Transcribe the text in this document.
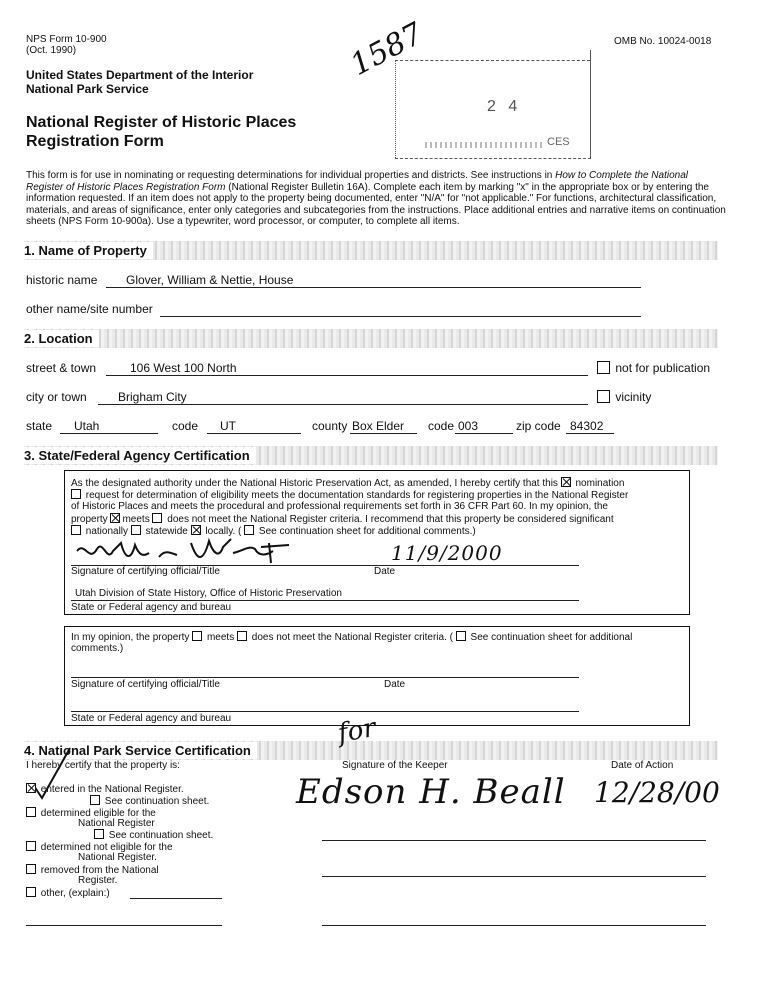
NPS Form 10-900
(Oct. 1990)
OMB No. 10024-0018
United States Department of the Interior
National Park Service
National Register of Historic Places
Registration Form
1587
2 4
CES
This form is for use in nominating or requesting determinations for individual properties and districts. See instructions in How to Complete the National Register of Historic Places Registration Form (National Register Bulletin 16A). Complete each item by marking "x" in the appropriate box or by entering the information requested. If an item does not apply to the property being documented, enter "N/A" for "not applicable." For functions, architectural classification, materials, and areas of significance, enter only categories and subcategories from the instructions. Place additional entries and narrative items on continuation sheets (NPS Form 10-900a). Use a typewriter, word processor, or computer, to complete all items.
1. Name of Property
historic name Glover, William & Nettie, House
other name/site number
2. Location
street & town	106 West 100 North	not for publication
city or town	Brigham City	vicinity
state Utah	code UT	county Box Elder code 003	zip code 84302
3. State/Federal Agency Certification
As the designated authority under the National Historic Preservation Act, as amended, I hereby certify that this nomination
request for determination of eligibility meets the documentation standards for registering properties in the National Register
of Historic Places and meets the procedural and professional requirements set forth in 36 CFR Part 60. In my opinion, the
property meets does not meet the National Register criteria. I recommend that this property be considered significant
nationally statewide locally. ( See continuation sheet for additional comments.)
11/9/2000
Signature of certifying official/Title	Date
Utah Division of State History, Office of Historic Preservation
State or Federal agency and bureau
In my opinion, the property meets does not meet the National Register criteria. ( See continuation sheet for additional
comments.)
Signature of certifying official/Title	Date
State or Federal agency and bureau
4. National Park Service Certification
I hereby certify that the property is:	Signature of the Keeper	Date of Action
for
Edson H. Beall 12/28/00
entered in the National Register.
See continuation sheet.
determined eligible for the
National Register
See continuation sheet.
determined not eligible for the
National Register.
removed from the National
Register.
other, (explain:)
